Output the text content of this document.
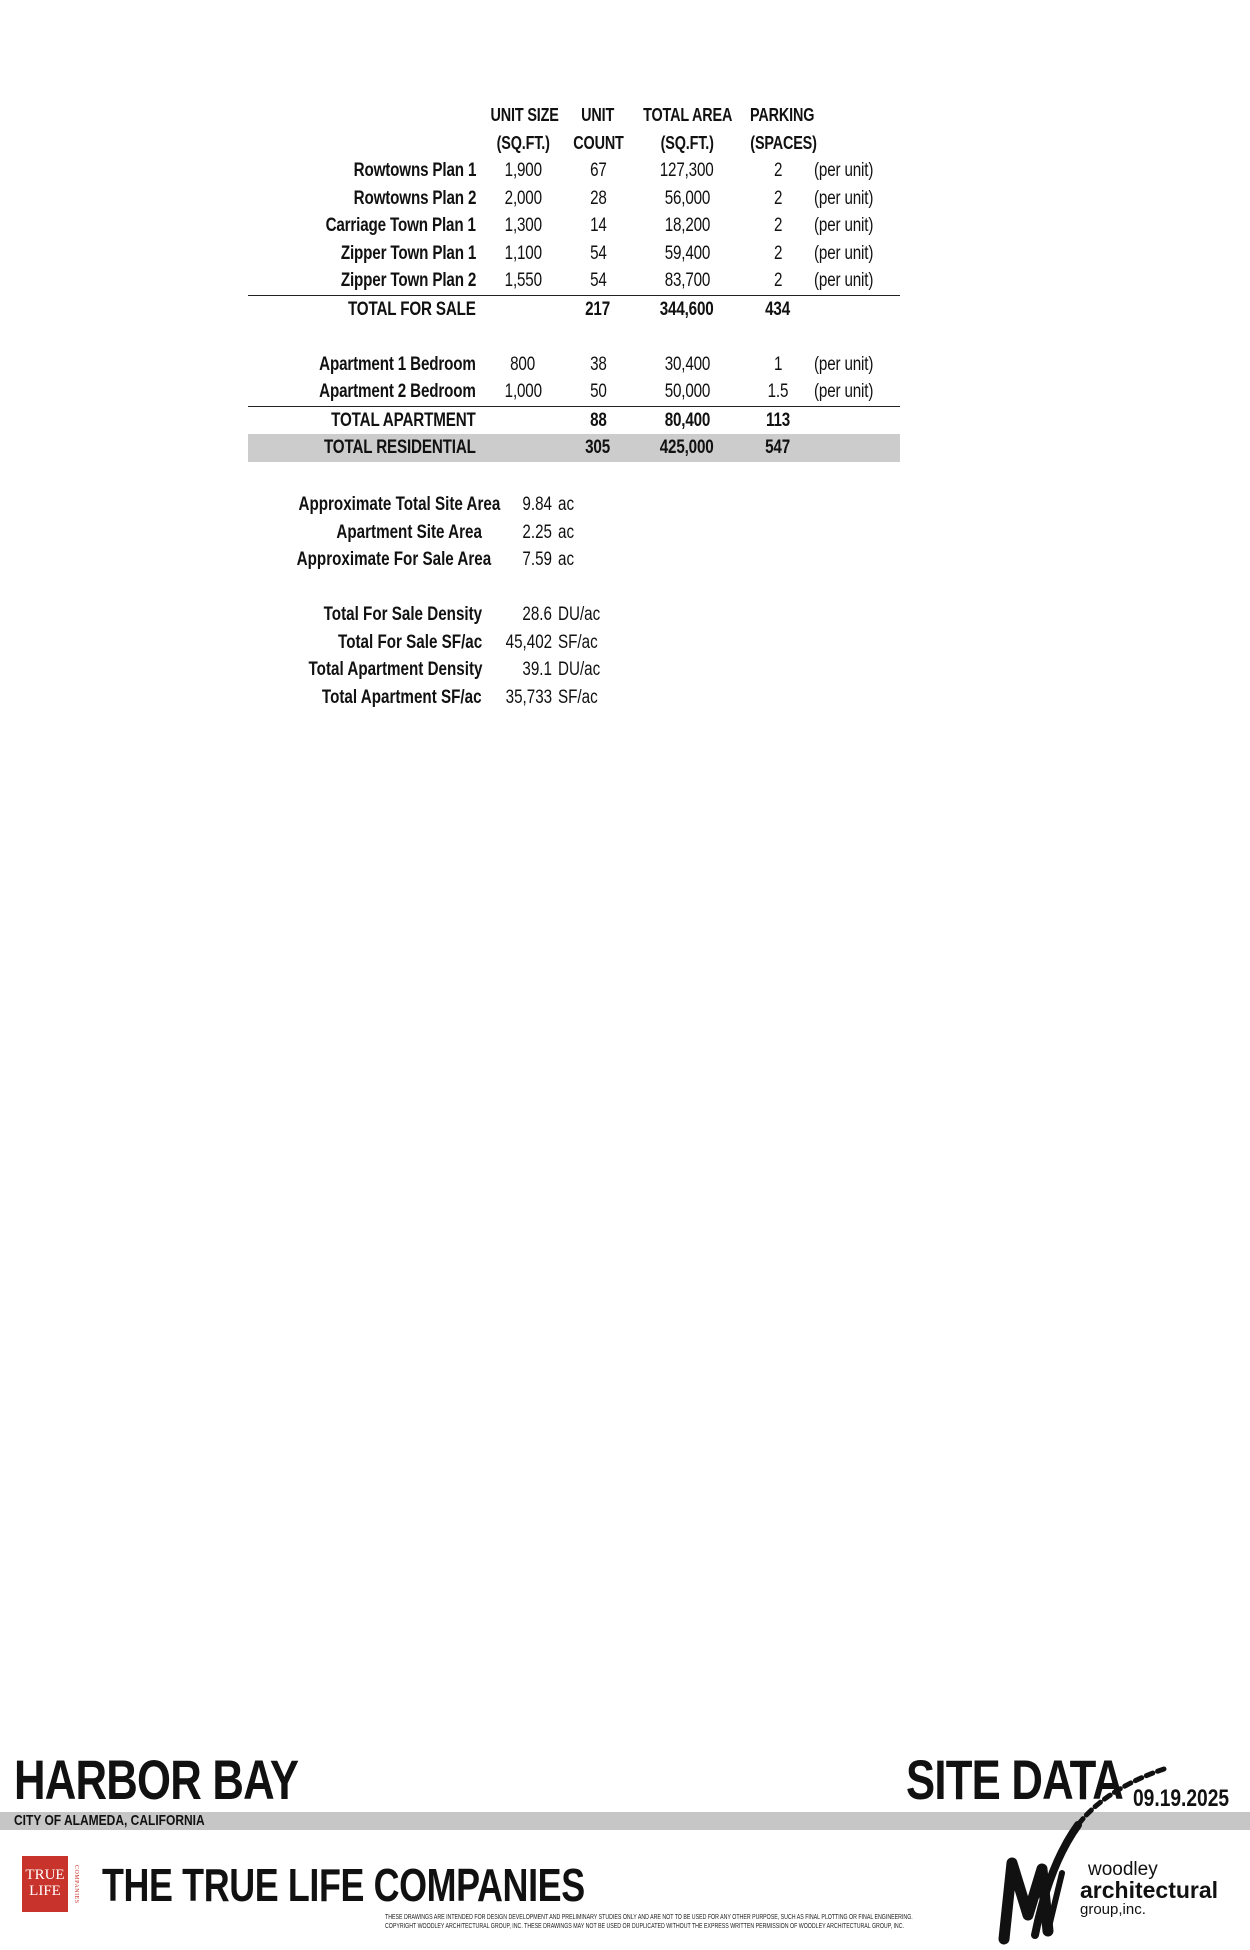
	UNIT SIZE	UNIT	TOTAL AREA	PARKING	
	(SQ.FT.)	COUNT	(SQ.FT.)	(SPACES)	
Rowtowns Plan 1	1,900	67	127,300	2	(per unit)
Rowtowns Plan 2	2,000	28	56,000	2	(per unit)
Carriage Town Plan 1	1,300	14	18,200	2	(per unit)
Zipper Town Plan 1	1,100	54	59,400	2	(per unit)
Zipper Town Plan 2	1,550	54	83,700	2	(per unit)
TOTAL FOR SALE		217	344,600	434	

Apartment 1 Bedroom	800	38	30,400	1	(per unit)
Apartment 2 Bedroom	1,000	50	50,000	1.5	(per unit)
TOTAL APARTMENT		88	80,400	113	
TOTAL RESIDENTIAL		305	425,000	547	
Approximate Total Site Area	9.84	ac
Apartment Site Area	2.25	ac
Approximate For Sale Area	7.59	ac
Total For Sale Density	28.6	DU/ac
Total For Sale SF/ac	45,402	SF/ac
Total Apartment Density	39.1	DU/ac
Total Apartment SF/ac	35,733	SF/ac
HARBOR BAY
CITY OF ALAMEDA, CALIFORNIA
SITE DATA 09.19.2025
TRUE
LIFE	COMPANIES THE TRUE LIFE COMPANIES
THESE DRAWINGS ARE INTENDED FOR DESIGN DEVELOPMENT AND PRELIMINARY STUDIES ONLY AND ARE NOT TO BE USED FOR ANY OTHER PURPOSE, SUCH AS FINAL PLOTTING OR FINAL ENGINEERING.
COPYRIGHT WOODLEY ARCHITECTURAL GROUP, INC. THESE DRAWINGS MAY NOT BE USED OR DUPLICATED WITHOUT THE EXPRESS WRITTEN PERMISSION OF WOODLEY ARCHITECTURAL GROUP, INC.
woodley
architectural
group,inc.
